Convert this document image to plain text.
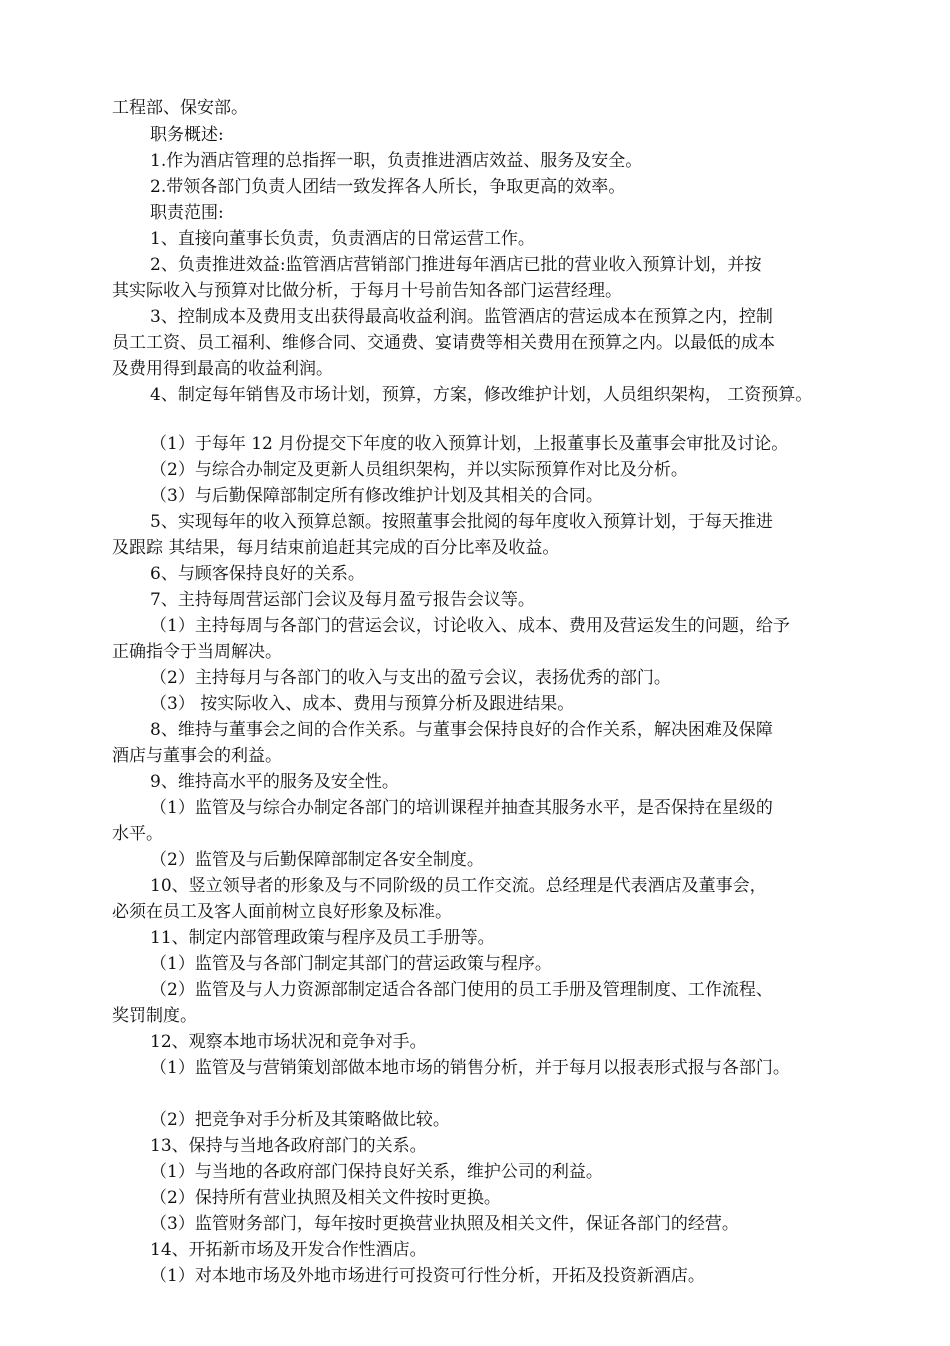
工程部、保安部。
职务概述:
1.作为酒店管理的总指挥一职，负责推进酒店效益、服务及安全。
2.带领各部门负责人团结一致发挥各人所长，争取更高的效率。
职责范围:
1、直接向董事长负责，负责酒店的日常运营工作。
2、负责推进效益:监管酒店营销部门推进每年酒店已批的营业收入预算计划，并按
其实际收入与预算对比做分析，于每月十号前告知各部门运营经理。
3、控制成本及费用支出获得最高收益利润。监管酒店的营运成本在预算之内，控制
员工工资、员工福利、维修合同、交通费、宴请费等相关费用在预算之内。以最低的成本
及费用得到最高的收益利润。
4、制定每年销售及市场计划，预算，方案，修改维护计划，人员组织架构， 工资预算。
（1）于每年 12 月份提交下年度的收入预算计划，上报董事长及董事会审批及讨论。
（2）与综合办制定及更新人员组织架构，并以实际预算作对比及分析。
（3）与后勤保障部制定所有修改维护计划及其相关的合同。
5、实现每年的收入预算总额。按照董事会批阅的每年度收入预算计划，于每天推进
及跟踪 其结果，每月结束前追赶其完成的百分比率及收益。
6、与顾客保持良好的关系。
7、主持每周营运部门会议及每月盈亏报告会议等。
（1）主持每周与各部门的营运会议，讨论收入、成本、费用及营运发生的问题，给予
正确指令于当周解决。
（2）主持每月与各部门的收入与支出的盈亏会议，表扬优秀的部门。
（3） 按实际收入、成本、费用与预算分析及跟进结果。
8、维持与董事会之间的合作关系。与董事会保持良好的合作关系，解决困难及保障
酒店与董事会的利益。
9、维持高水平的服务及安全性。
（1）监管及与综合办制定各部门的培训课程并抽查其服务水平，是否保持在星级的
水平。
（2）监管及与后勤保障部制定各安全制度。
10、竖立领导者的形象及与不同阶级的员工作交流。总经理是代表酒店及董事会，
必须在员工及客人面前树立良好形象及标准。
11、制定内部管理政策与程序及员工手册等。
（1）监管及与各部门制定其部门的营运政策与程序。
（2）监管及与人力资源部制定适合各部门使用的员工手册及管理制度、工作流程、
奖罚制度。
12、观察本地市场状况和竞争对手。
（1）监管及与营销策划部做本地市场的销售分析，并于每月以报表形式报与各部门。
（2）把竞争对手分析及其策略做比较。
13、保持与当地各政府部门的关系。
（1）与当地的各政府部门保持良好关系，维护公司的利益。
（2）保持所有营业执照及相关文件按时更换。
（3）监管财务部门，每年按时更换营业执照及相关文件，保证各部门的经营。
14、开拓新市场及开发合作性酒店。
（1）对本地市场及外地市场进行可投资可行性分析，开拓及投资新酒店。
